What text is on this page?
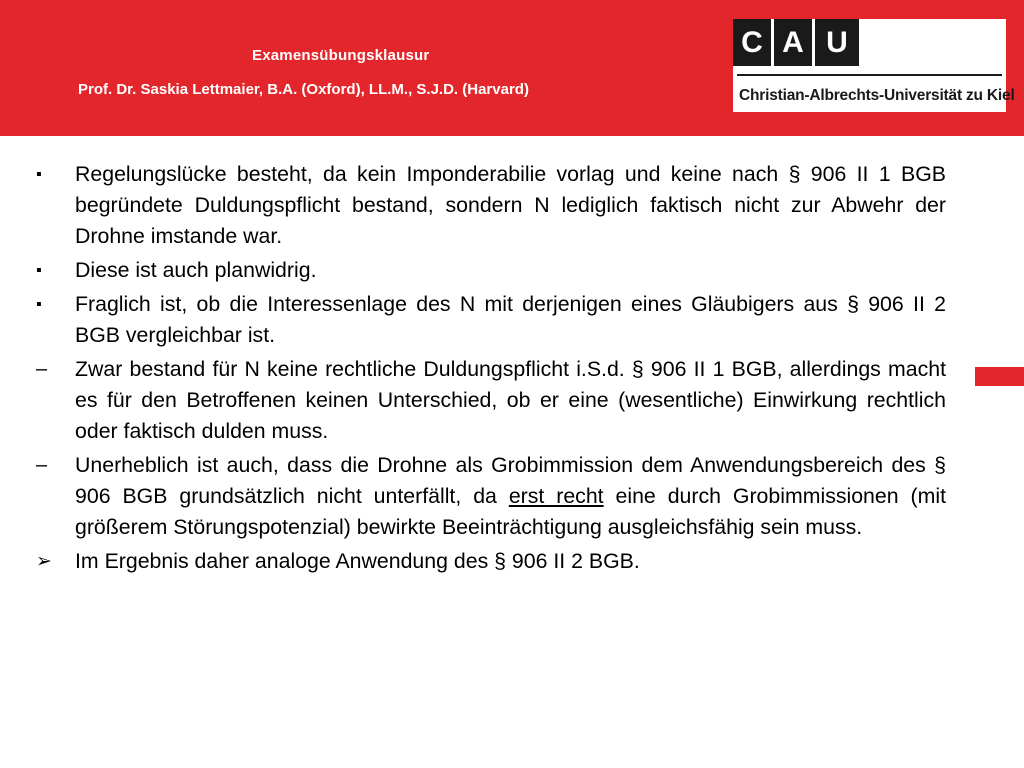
Examensübungsklausur
Prof. Dr. Saskia Lettmaier, B.A. (Oxford), LL.M., S.J.D. (Harvard)
C A U
Christian-Albrechts-Universität zu Kiel
▪	Regelungslücke besteht, da kein Imponderabilie vorlag und keine nach § 906 II 1 BGB begründete Duldungspflicht bestand, sondern N lediglich faktisch nicht zur Abwehr der Drohne imstande war.
▪	Diese ist auch planwidrig.
▪	Fraglich ist, ob die Interessenlage des N mit derjenigen eines Gläubigers aus § 906 II 2 BGB vergleichbar ist.
–	Zwar bestand für N keine rechtliche Duldungspflicht i.S.d. § 906 II 1 BGB, allerdings macht es für den Betroffenen keinen Unterschied, ob er eine (wesentliche) Einwirkung rechtlich oder faktisch dulden muss.
–	Unerheblich ist auch, dass die Drohne als Grobimmission dem Anwendungsbereich des § 906 BGB grundsätzlich nicht unterfällt, da erst recht eine durch Grobimmissionen (mit größerem Störungspotenzial) bewirkte Beeinträchtigung ausgleichsfähig sein muss.
➢	Im Ergebnis daher analoge Anwendung des § 906 II 2 BGB.
